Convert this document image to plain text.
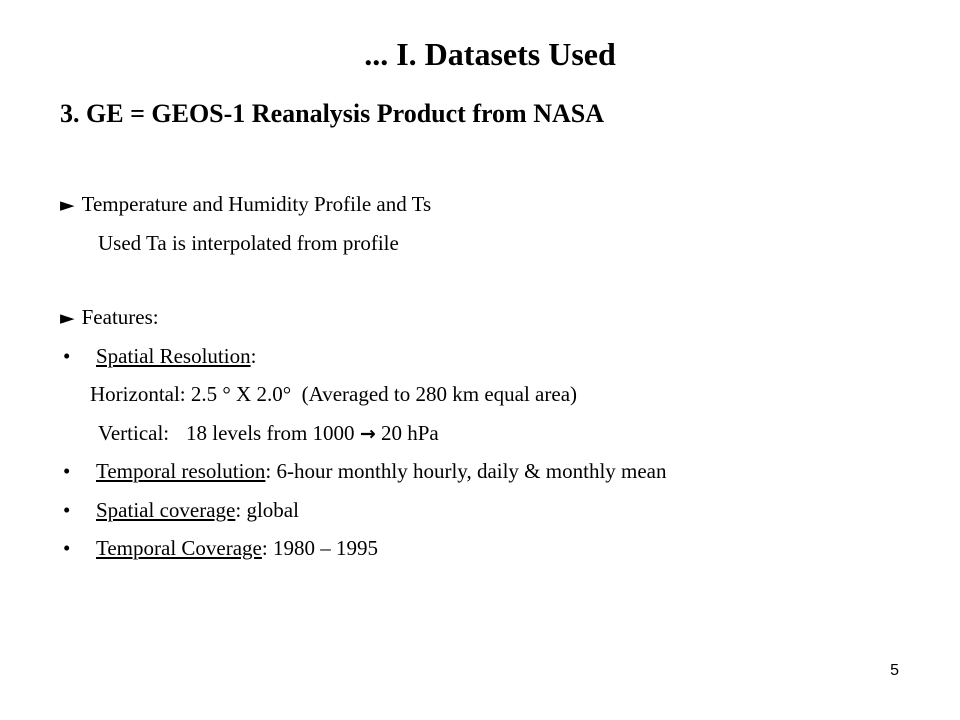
... I. Datasets Used
3. GE = GEOS-1 Reanalysis Product from NASA
► Temperature and Humidity Profile and Ts
Used Ta is interpolated from profile
► Features:
• Spatial Resolution:
Horizontal: 2.5 ° X 2.0°  (Averaged to 280 km equal area)
Vertical: 18 levels from 1000 → 20 hPa
• Temporal resolution: 6-hour monthly hourly, daily & monthly mean
• Spatial coverage: global
• Temporal Coverage: 1980 – 1995
5
